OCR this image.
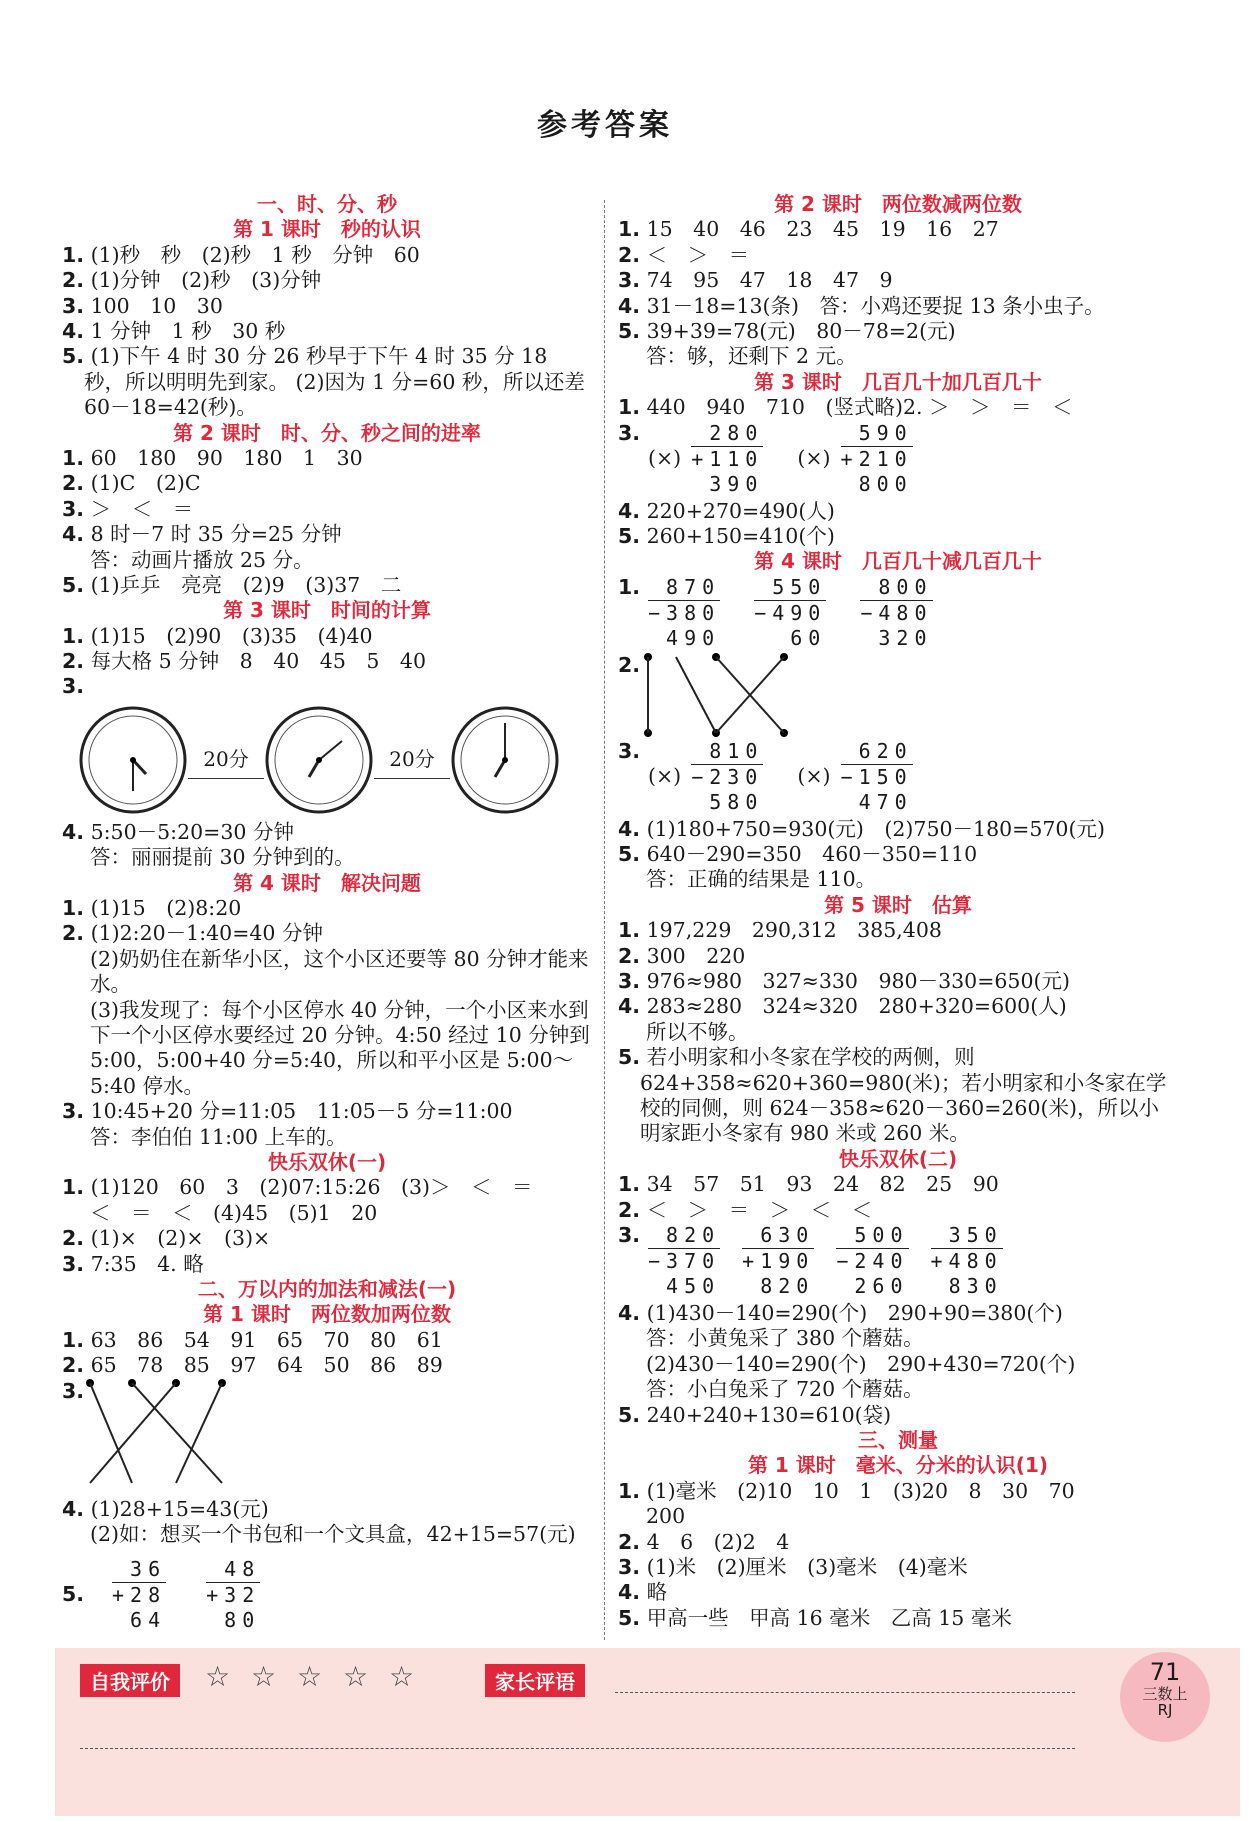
参考答案
一、时、分、秒
第 1 课时　秒的认识
1. (1)秒　秒　(2)秒　1 秒　分钟　60
2. (1)分钟　(2)秒　(3)分钟
3. 100　10　30
4. 1 分钟　1 秒　30 秒
5. (1)下午 4 时 30 分 26 秒早于下午 4 时 35 分 18 秒，所以明明先到家。 (2)因为 1 分=60 秒，所以还差 60－18=42(秒)。
第 2 课时　时、分、秒之间的进率
1. 60　180　90　180　1　30
2. (1)C　(2)C
3. ＞　＜　＝
4. 8 时－7 时 35 分=25 分钟
答：动画片播放 25 分。
5. (1)乒乒　亮亮　(2)9　(3)37　二
第 3 课时　时间的计算
1. (1)15　(2)90　(3)35　(4)40
2. 每大格 5 分钟　8　40　45　5　40
3.
20分	20分
4. 5:50－5:20=30 分钟
答：丽丽提前 30 分钟到的。
第 4 课时　解决问题
1. (1)15　(2)8:20
2. (1)2:20－1:40=40 分钟
(2)奶奶住在新华小区，这个小区还要等 80 分钟才能来水。
(3)我发现了：每个小区停水 40 分钟，一个小区来水到下一个小区停水要经过 20 分钟。4:50 经过 10 分钟到 5:00，5:00+40 分=5:40，所以和平小区是 5:00～5:40 停水。
3. 10:45+20 分=11:05　11:05－5 分=11:00
答：李伯伯 11:00 上车的。
快乐双休(一)
1. (1)120　60　3　(2)07:15:26　(3)＞　＜　＝
＜　＝　＜　(4)45　(5)1　20
2. (1)×　(2)×　(3)×
3. 7:35　4. 略
二、万以内的加法和减法(一)
第 1 课时　两位数加两位数
1. 63　86　54　91　65　70　80　61
2. 65　78　85　97　64　50　86　89
3.

4. (1)28+15=43(元)
(2)如：想买一个书包和一个文具盒，42+15=57(元)
5.
36
+28
64
48
+32
80
第 2 课时　两位数减两位数
1. 15　40　46　23　45　19　16　27
2. ＜　＞　＝
3. 74　95　47　18　47　9
4. 31－18=13(条)　答：小鸡还要捉 13 条小虫子。
5. 39+39=78(元)　80－78=2(元)
答：够，还剩下 2 元。
第 3 课时　几百几十加几百几十
1. 440　940　710　(竖式略)2. ＞　＞　＝　＜
3.
(×)
280
+110
390
(×)
590
+210
800
4. 220+270=490(人)
5. 260+150=410(个)
第 4 课时　几百几十减几百几十
1.	870
−380
490
550
−490
60
800
−480
320
2.

3.
(×)
810
−230
580
(×)
620
−150
470
4. (1)180+750=930(元)　(2)750－180=570(元)
5. 640－290=350　460－350=110
答：正确的结果是 110。
第 5 课时　估算
1. 197,229　290,312　385,408
2. 300　220
3. 976≈980　327≈330　980－330=650(元)
4. 283≈280　324≈320　280+320=600(人)
所以不够。
5. 若小明家和小冬家在学校的两侧，则 624+358≈620+360=980(米)；若小明家和小冬家在学校的同侧，则 624－358≈620－360=260(米)，所以小明家距小冬家有 980 米或 260 米。
快乐双休(二)
1. 34　57　51　93　24　82　25　90
2. ＜　＞　＝　＞　＜　＜
3.	820
−370
450
630
+190
820
500
−240
260
350
+480
830
4. (1)430－140=290(个)　290+90=380(个)
答：小黄兔采了 380 个蘑菇。
(2)430－140=290(个)　290+430=720(个)
答：小白兔采了 720 个蘑菇。
5. 240+240+130=610(袋)
三、测量
第 1 课时　毫米、分米的认识(1)
1. (1)毫米　(2)10　10　1　(3)20　8　30　70
200
2. 4　6　(2)2　4
3. (1)米　(2)厘米　(3)毫米　(4)毫米
4. 略
5. 甲高一些　甲高 16 毫米　乙高 15 毫米
自我评价	☆ ☆ ☆ ☆ ☆	家长评语	71
三数上
RJ
